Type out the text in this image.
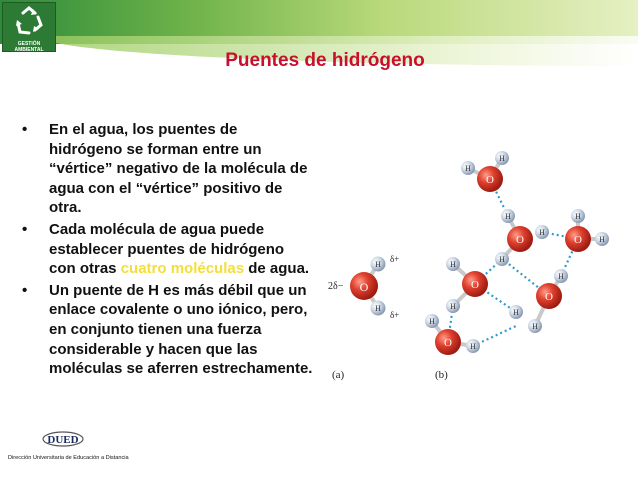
GESTIÓN AMBIENTAL	Puentes de hidrógeno
• En el agua, los puentes de hidrógeno se forman entre un “vértice” negativo de la molécula de agua con el “vértice” positivo de otra.
• Cada molécula de agua puede establecer puentes de hidrógeno con otras cuatro moléculas de agua.
• Un puente de H es más débil que un enlace covalente o uno iónico, pero, en conjunto tienen una fuerza considerable y hacen que las moléculas se aferren estrechamente.
O
H
H
2δ−
δ+
δ+
O
O	O
O
O
O
H
H
H
H
H
H
H
H
H
H
H
H
H
H
(a)	(b)
DUED
Dirección Universitaria de Educación a Distancia
